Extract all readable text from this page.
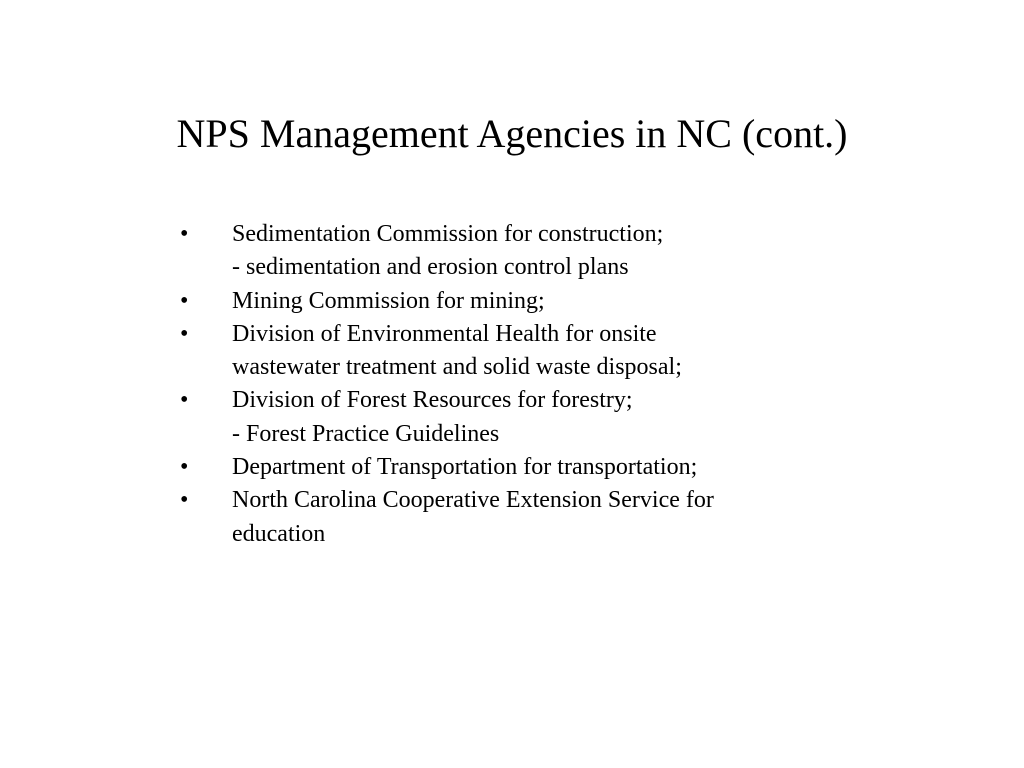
NPS Management Agencies in NC (cont.)
•	Sedimentation Commission for construction;
- sedimentation and erosion control plans
•	Mining Commission for mining;
•	Division of Environmental Health for onsite
wastewater treatment and solid waste disposal;
•	Division of Forest Resources for forestry;
- Forest Practice Guidelines
•	Department of Transportation for transportation;
•	North Carolina Cooperative Extension Service for
education
